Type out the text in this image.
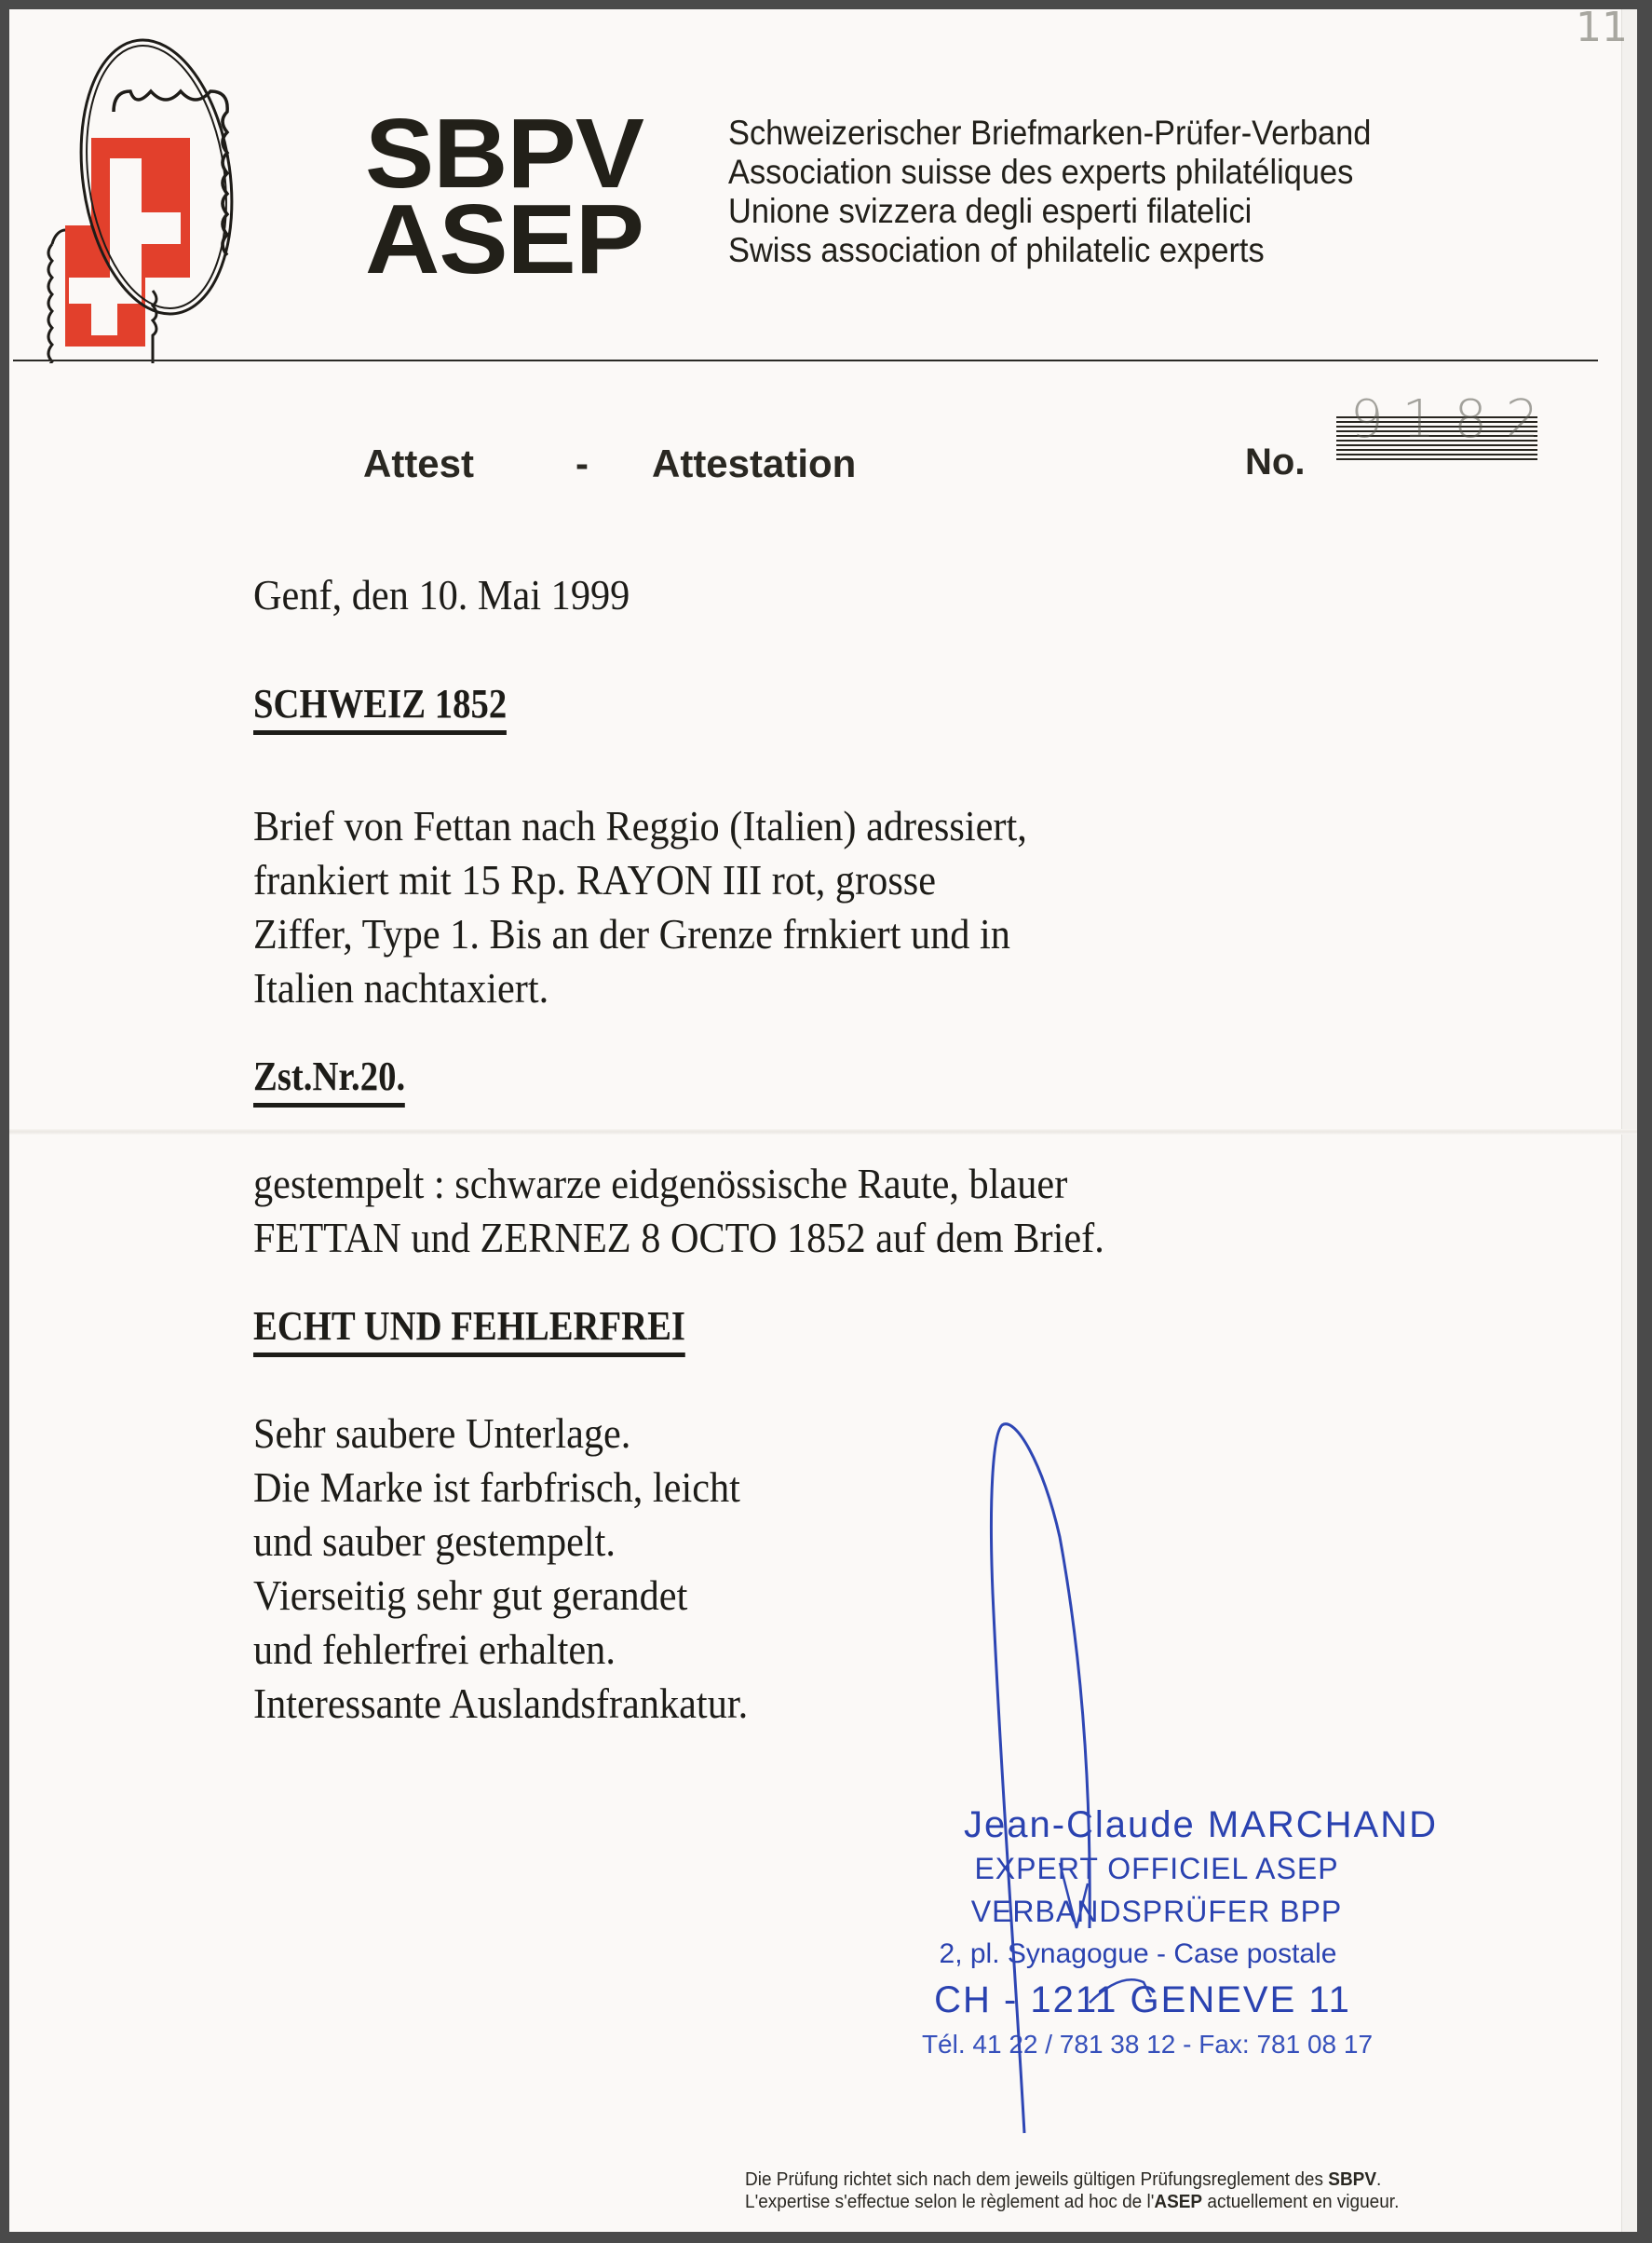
SBPV
ASEP
Schweizerischer Briefmarken-Prüfer-Verband
Association suisse des experts philatéliques
Unione svizzera degli esperti filatelici
Swiss association of philatelic experts
11
Attest	- Attestation	No.
9182
Genf, den 10. Mai 1999
SCHWEIZ 1852
Brief von Fettan nach Reggio (Italien) adressiert,
frankiert mit 15 Rp. RAYON III rot, grosse
Ziffer, Type 1. Bis an der Grenze frnkiert und in
Italien nachtaxiert.
Zst.Nr.20.
gestempelt : schwarze eidgenössische Raute, blauer
FETTAN und ZERNEZ 8 OCTO 1852 auf dem Brief.
ECHT UND FEHLERFREI
Sehr saubere Unterlage.
Die Marke ist farbfrisch, leicht
und sauber gestempelt.
Vierseitig sehr gut gerandet
und fehlerfrei erhalten.
Interessante Auslandsfrankatur.
Jean-Claude MARCHAND
EXPERT OFFICIEL ASEP
VERBANDSPRÜFER BPP
2, pl. Synagogue - Case postale
CH - 1211 GENEVE 11
Tél. 41 22 / 781 38 12 - Fax: 781 08 17
Die Prüfung richtet sich nach dem jeweils gültigen Prüfungsreglement des SBPV.
L'expertise s'effectue selon le règlement ad hoc de l'ASEP actuellement en vigueur.
